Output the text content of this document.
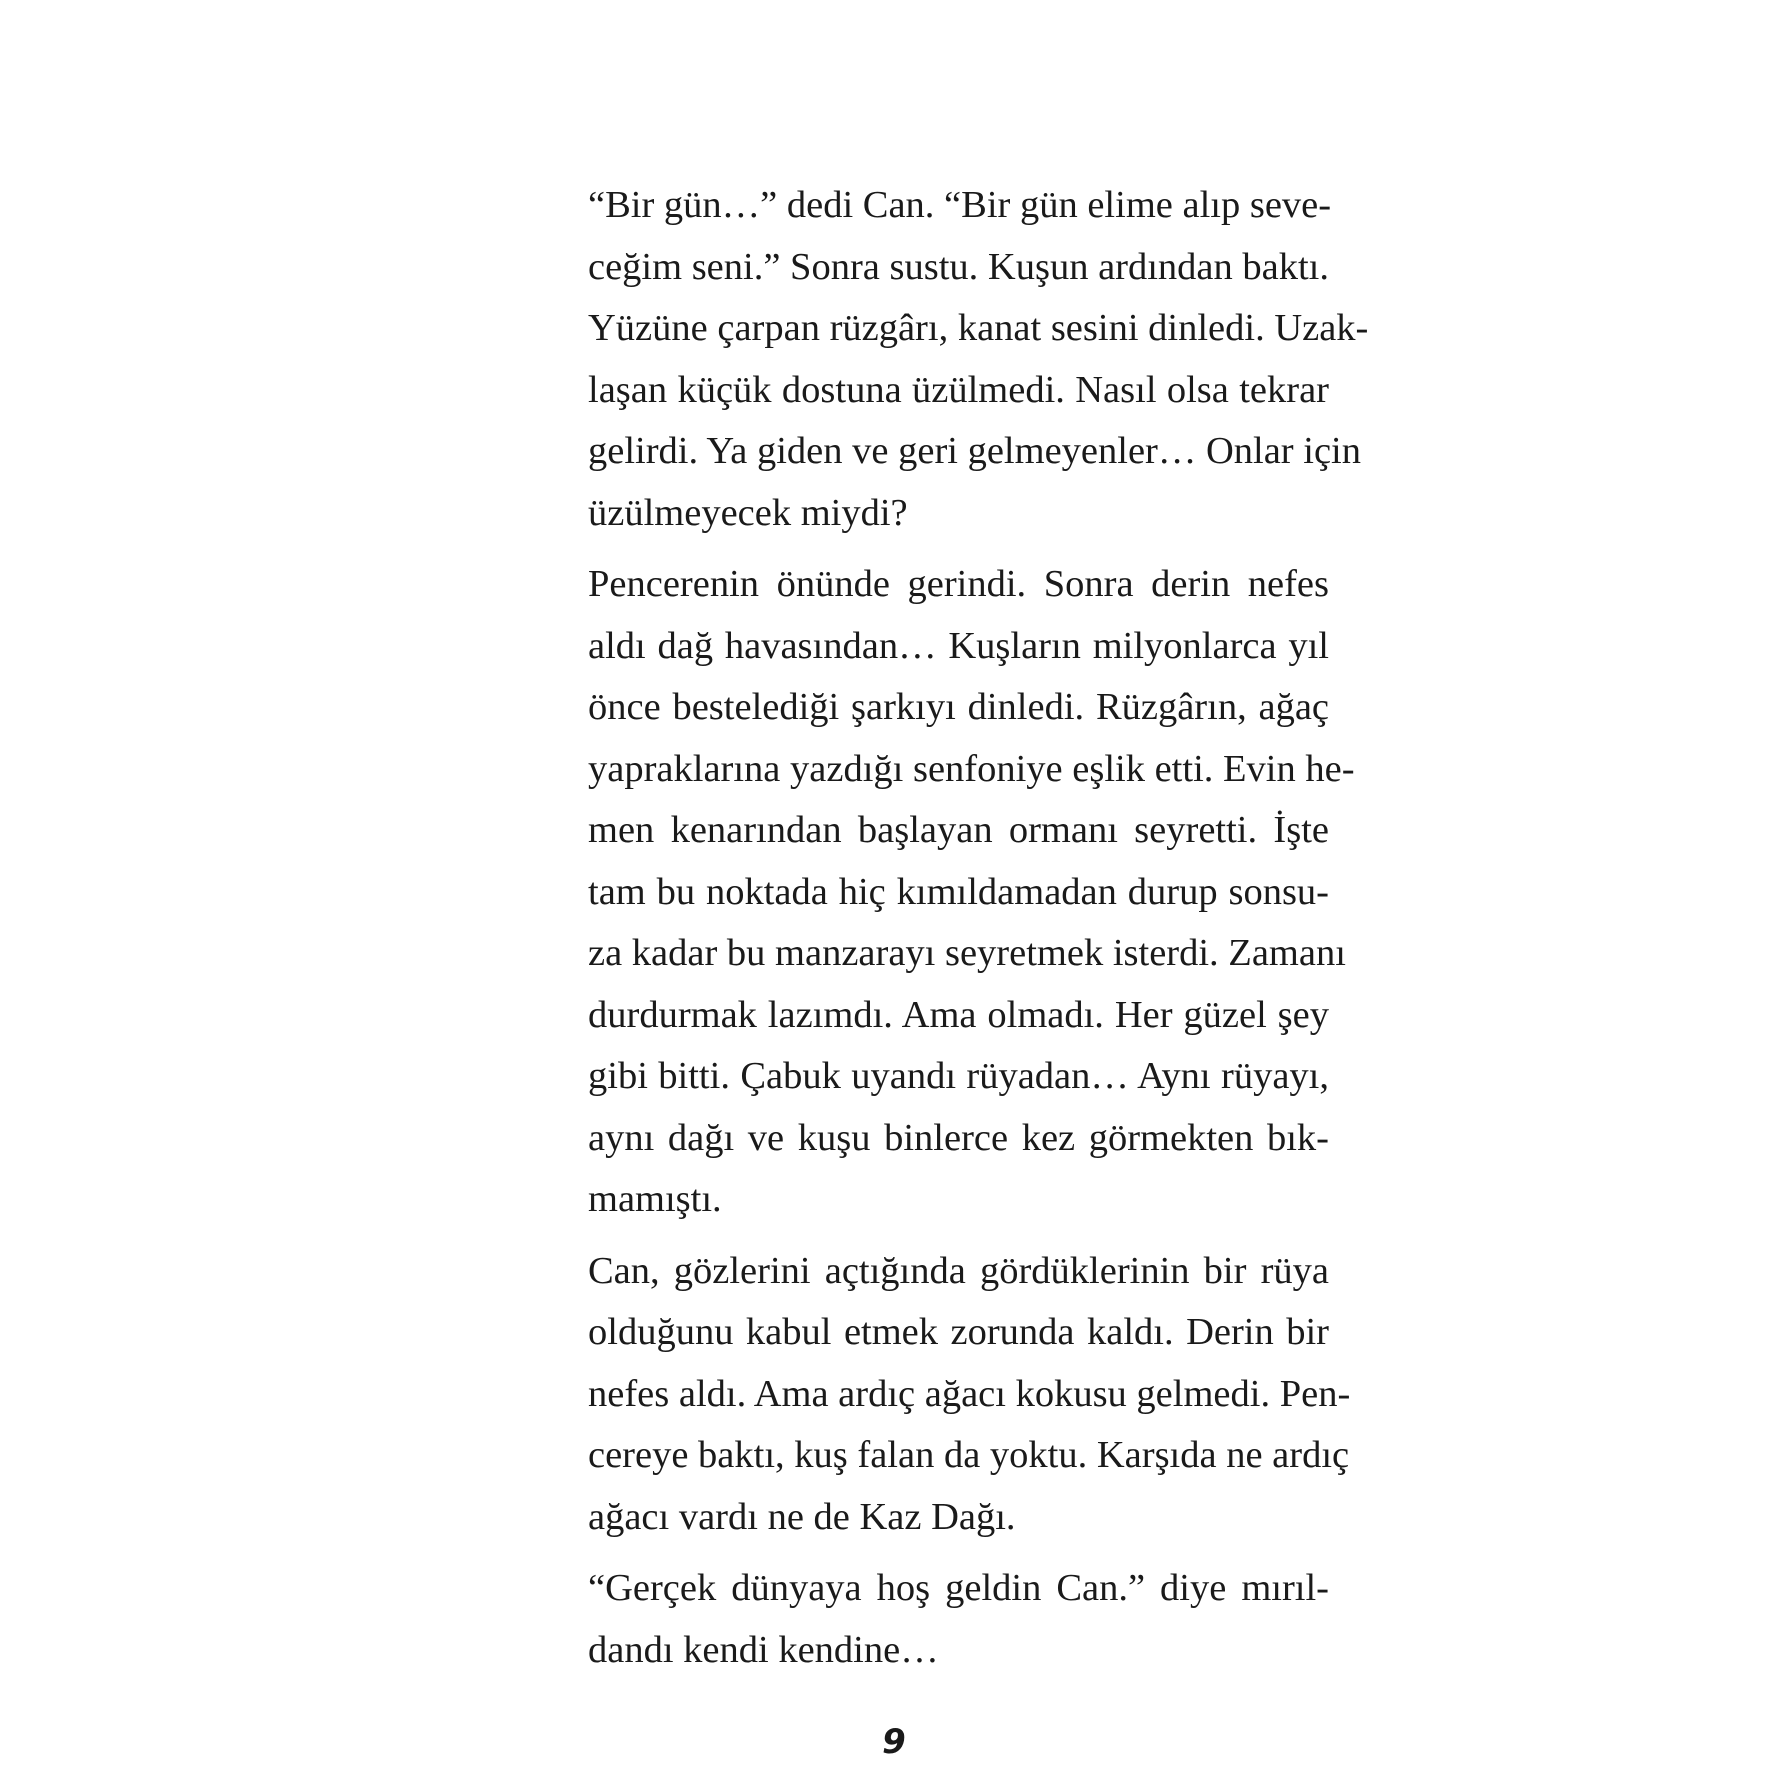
“Bir gün…” dedi Can. “Bir gün elime alıp seve-
ceğim seni.” Sonra sustu. Kuşun ardından baktı.
Yüzüne çarpan rüzgârı, kanat sesini dinledi. Uzak-
laşan küçük dostuna üzülmedi. Nasıl olsa tekrar
gelirdi. Ya giden ve geri gelmeyenler… Onlar için
üzülmeyecek miydi?

Pencerenin önünde gerindi. Sonra derin nefes
aldı dağ havasından… Kuşların milyonlarca yıl
önce bestelediği şarkıyı dinledi. Rüzgârın, ağaç
yapraklarına yazdığı senfoniye eşlik etti. Evin he-
men kenarından başlayan ormanı seyretti. İşte
tam bu noktada hiç kımıldamadan durup sonsu-
za kadar bu manzarayı seyretmek isterdi. Zamanı
durdurmak lazımdı. Ama olmadı. Her güzel şey
gibi bitti. Çabuk uyandı rüyadan… Aynı rüyayı,
aynı dağı ve kuşu binlerce kez görmekten bık-
mamıştı.

Can, gözlerini açtığında gördüklerinin bir rüya
olduğunu kabul etmek zorunda kaldı. Derin bir
nefes aldı. Ama ardıç ağacı kokusu gelmedi. Pen-
cereye baktı, kuş falan da yoktu. Karşıda ne ardıç
ağacı vardı ne de Kaz Dağı.

“Gerçek dünyaya hoş geldin Can.” diye mırıl-
dandı kendi kendine…

9
